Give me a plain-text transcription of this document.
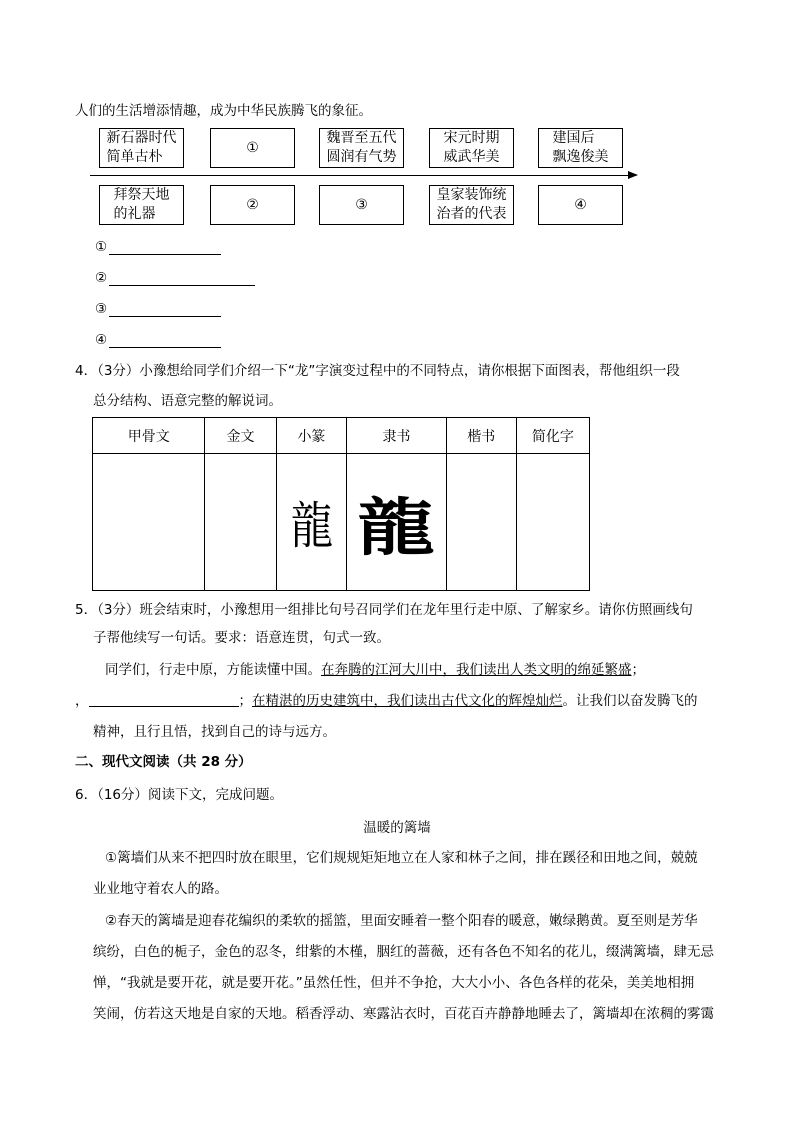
人们的生活增添情趣，成为中华民族腾飞的象征。
新石器时代
简单古朴
①
魏晋至五代
圆润有气势
宋元时期
威武华美
建国后
飘逸俊美
拜祭天地
的礼器
②	③
皇家装饰统
治者的代表
④
①
②
③
④
4．（3分）小豫想给同学们介绍一下“龙”字演变过程中的不同特点，请你根据下面图表，帮他组织一段
总分结构、语意完整的解说词。
甲骨文	金文	小篆	隶书	楷书	简化字
		龍	龍		
5．（3分）班会结束时，小豫想用一组排比句号召同学们在龙年里行走中原、了解家乡。请你仿照画线句
子帮他续写一句话。要求：语意连贯，句式一致。
同学们，行走中原，方能读懂中国。在奔腾的江河大川中，我们读出人类文明的绵延繁盛；
，	；在精湛的历史建筑中，我们读出古代文化的辉煌灿烂。让我们以奋发腾飞的
精神，且行且悟，找到自己的诗与远方。
二、现代文阅读（共 28 分）
6．（16分）阅读下文，完成问题。
温暖的篱墙
①篱墙们从来不把四时放在眼里，它们规规矩矩地立在人家和林子之间，排在蹊径和田地之间，兢兢
业业地守着农人的路。
②春天的篱墙是迎春花编织的柔软的摇篮，里面安睡着一整个阳春的暖意，嫩绿鹅黄。夏至则是芳华
缤纷，白色的栀子，金色的忍冬，绀紫的木槿，胭红的蔷薇，还有各色不知名的花儿，缀满篱墙，肆无忌
惮，“我就是要开花，就是要开花。”虽然任性，但并不争抢，大大小小、各色各样的花朵，美美地相拥
笑闹，仿若这天地是自家的天地。稻香浮动、寒露沾衣时，百花百卉静静地睡去了，篱墙却在浓稠的雾霭
